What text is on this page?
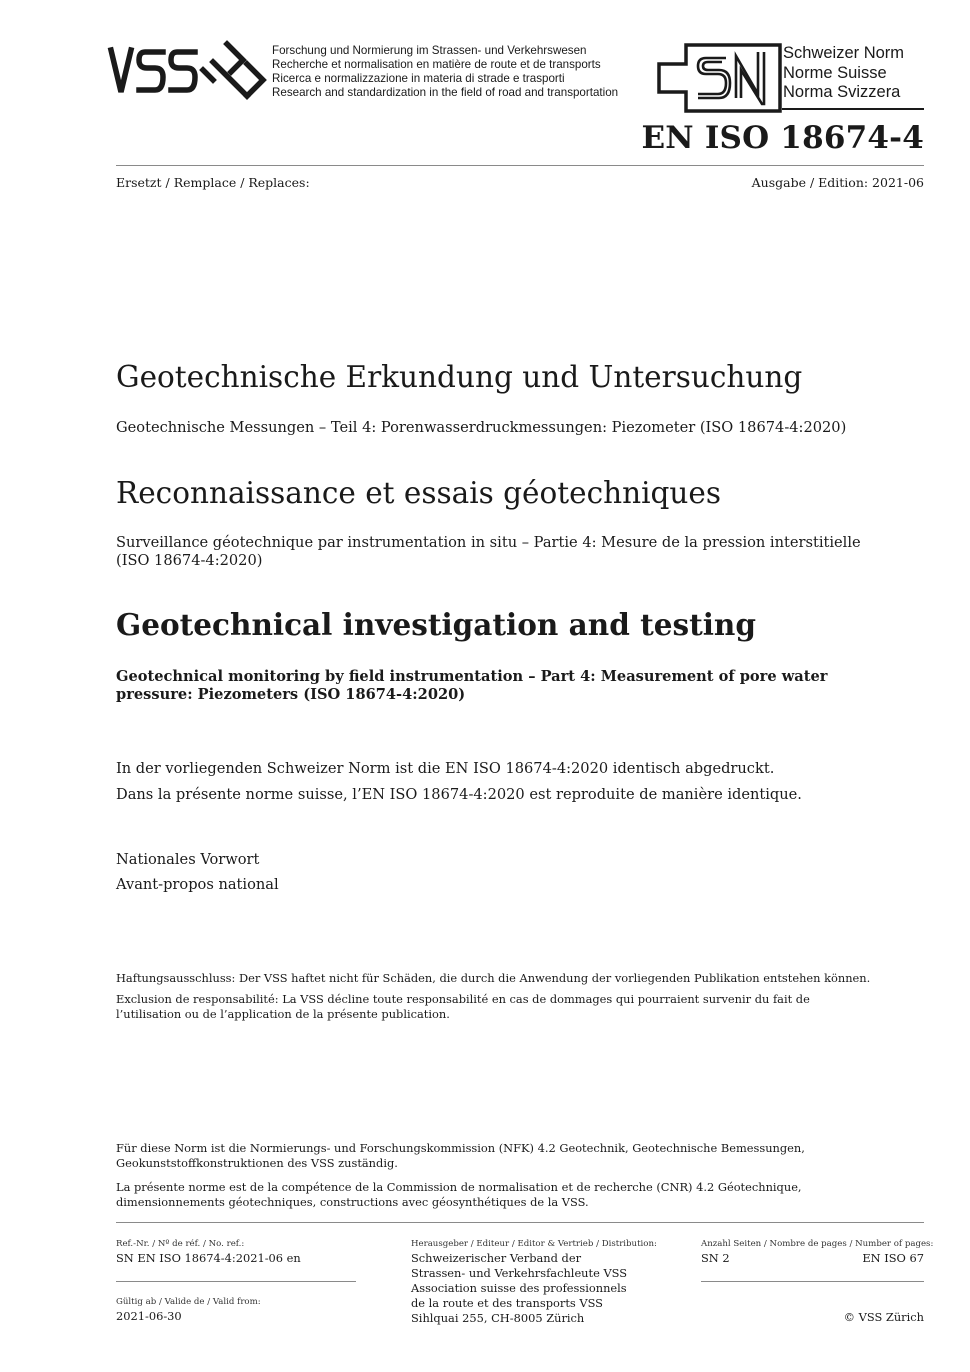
Forschung und Normierung im Strassen- und Verkehrswesen
Recherche et normalisation en matière de route et de transports
Ricerca e normalizzazione in materia di strade e trasporti
Research and standardization in the field of road and transportation
Schweizer Norm
Norme Suisse
Norma Svizzera
EN ISO 18674-4
Ersetzt / Remplace / Replaces:	Ausgabe / Edition: 2021-06
Geotechnische Erkundung und Untersuchung
Geotechnische Messungen – Teil 4: Porenwasserdruckmessungen: Piezometer (ISO 18674-4:2020)
Reconnaissance et essais géotechniques
Surveillance géotechnique par instrumentation in situ – Partie 4: Mesure de la pression interstitielle (ISO 18674-4:2020)
Geotechnical investigation and testing
Geotechnical monitoring by field instrumentation – Part 4: Measurement of pore water pressure: Piezometers (ISO 18674-4:2020)
In der vorliegenden Schweizer Norm ist die EN ISO 18674-4:2020 identisch abgedruckt.
Dans la présente norme suisse, l’EN ISO 18674-4:2020 est reproduite de manière identique.
Nationales Vorwort
Avant-propos national
Haftungsausschluss: Der VSS haftet nicht für Schäden, die durch die Anwendung der vorliegenden Publikation entstehen können.
Exclusion de responsabilité: La VSS décline toute responsabilité en cas de dommages qui pourraient survenir du fait de l’utilisation ou de l’application de la présente publication.
Für diese Norm ist die Normierungs- und Forschungskommission (NFK) 4.2 Geotechnik, Geotechnische Bemessungen, Geokunststoffkonstruktionen des VSS zuständig.
La présente norme est de la compétence de la Commission de normalisation et de recherche (CNR) 4.2 Géotechnique, dimensionnements géotechniques, constructions avec géosynthétiques de la VSS.
Ref.-Nr. / Nº de réf. / No. ref.:
SN EN ISO 18674-4:2021-06 en
Gültig ab / Valide de / Valid from:
2021-06-30
Herausgeber / Editeur / Editor & Vertrieb / Distribution:
Schweizerischer Verband der
Strassen- und Verkehrsfachleute VSS
Association suisse des professionnels
de la route et des transports VSS
Sihlquai 255, CH-8005 Zürich
Anzahl Seiten / Nombre de pages / Number of pages:
SN 2	EN ISO 67
© VSS Zürich
